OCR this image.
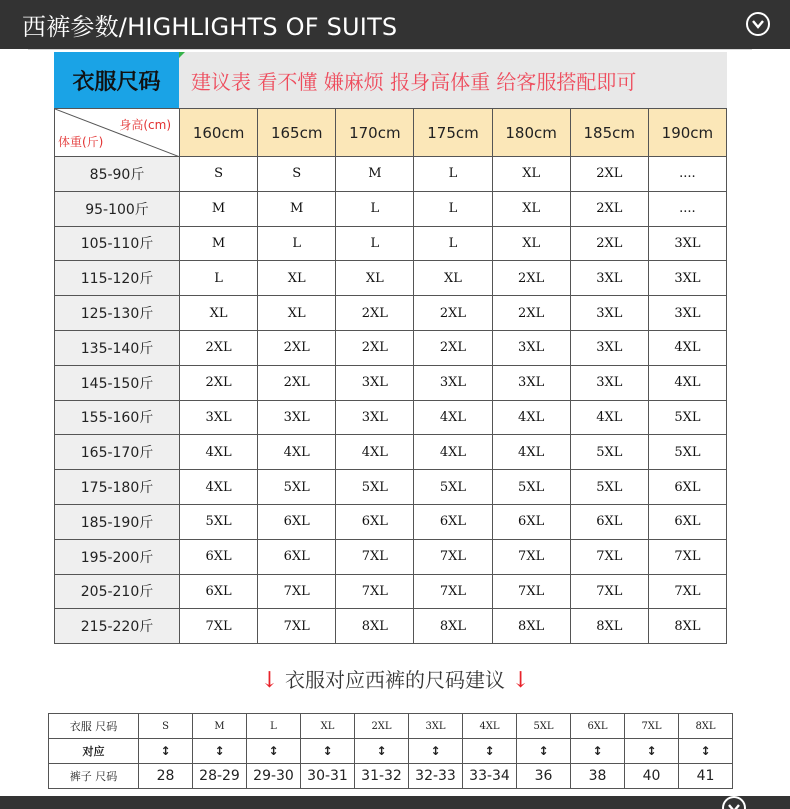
西裤参数/HIGHLIGHTS OF SUITS
衣服尺码	建议表 看不懂 嫌麻烦 报身高体重 给客服搭配即可
身高(cm)
体重(斤)	160cm	165cm	170cm	175cm	180cm	185cm	190cm
85-90斤	S	S	M	L	XL	2XL	....
95-100斤	M	M	L	L	XL	2XL	....
105-110斤	M	L	L	L	XL	2XL	3XL
115-120斤	L	XL	XL	XL	2XL	3XL	3XL
125-130斤	XL	XL	2XL	2XL	2XL	3XL	3XL
135-140斤	2XL	2XL	2XL	2XL	3XL	3XL	4XL
145-150斤	2XL	2XL	3XL	3XL	3XL	3XL	4XL
155-160斤	3XL	3XL	3XL	4XL	4XL	4XL	5XL
165-170斤	4XL	4XL	4XL	4XL	4XL	5XL	5XL
175-180斤	4XL	5XL	5XL	5XL	5XL	5XL	6XL
185-190斤	5XL	6XL	6XL	6XL	6XL	6XL	6XL
195-200斤	6XL	6XL	7XL	7XL	7XL	7XL	7XL
205-210斤	6XL	7XL	7XL	7XL	7XL	7XL	7XL
215-220斤	7XL	7XL	8XL	8XL	8XL	8XL	8XL
↓ 衣服对应西裤的尺码建议 ↓
衣服 尺码	S	M	L	XL	2XL	3XL	4XL	5XL	6XL	7XL	8XL
对应	↕	↕	↕	↕	↕	↕	↕	↕	↕	↕	↕
裤子 尺码	28	28-29	29-30	30-31	31-32	32-33	33-34	36	38	40	41
